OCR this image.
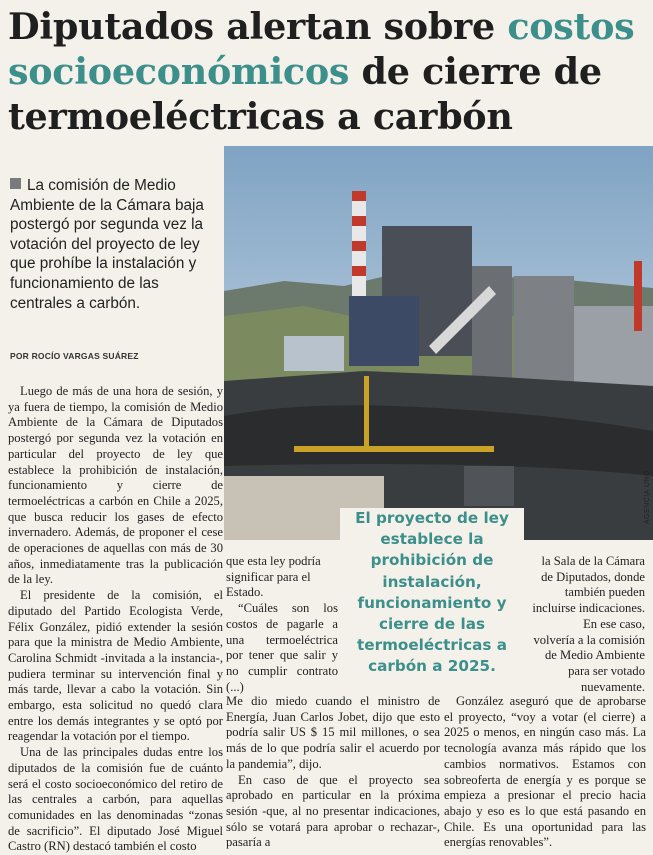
Diputados alertan sobre costos socioeconómicos de cierre de termoeléctricas a carbón
AGENCIA UNO

La comisión de Medio Ambiente de la Cámara baja postergó por segunda vez la votación del proyecto de ley que prohíbe la instalación y funcionamiento de las centrales a carbón.

POR ROCÍO VARGAS SUÁREZ

Luego de más de una hora de sesión, y ya fuera de tiempo, la comisión de Medio Ambiente de la Cámara de Diputados postergó por segunda vez la votación en particular del proyecto de ley que establece la prohibición de instalación, funcionamiento y cierre de termoeléctricas a carbón en Chile a 2025, que busca reducir los gases de efecto invernadero. Además, de proponer el cese de operaciones de aquellas con más de 30 años, inmediatamente tras la publicación de la ley.

El presidente de la comisión, el diputado del Partido Ecologista Verde, Félix González, pidió extender la sesión para que la ministra de Medio Ambiente, Carolina Schmidt -invitada a la instancia-, pudiera terminar su intervención final y más tarde, llevar a cabo la votación. Sin embargo, esta solicitud no quedó clara entre los demás integrantes y se optó por reagendar la votación por el tiempo.

Una de las principales dudas entre los diputados de la comisión fue de cuánto será el costo socioeconómico del retiro de las centrales a carbón, para aquellas comunidades en las denominadas “zonas de sacrificio”. El diputado José Miguel Castro (RN) destacó también el costo

que esta ley podría significar para el Estado.

“Cuáles son los costos de pagarle a una termoeléctrica por tener que salir y no cumplir contrato (...)

Me dio miedo cuando el ministro de Energía, Juan Carlos Jobet, dijo que esto podría salir US $ 15 mil millones, o sea más de lo que podría salir el acuerdo por la pandemia”, dijo.

En caso de que el proyecto sea aprobado en particular en la próxima sesión -que, al no presentar indicaciones, sólo se votará para aprobar o rechazar-, pasaría a

El proyecto de ley establece la prohibición de instalación, funcionamiento y cierre de las termoeléctricas a carbón a 2025.

la Sala de la Cámara de Diputados, donde también pueden incluirse indicaciones.

En ese caso, volvería a la comisión de Medio Ambiente para ser votado nuevamente.

González aseguró que de aprobarse el proyecto, “voy a votar (el cierre) a 2025 o menos, en ningún caso más. La tecnología avanza más rápido que los cambios normativos. Estamos con sobreoferta de energía y es porque se empieza a presionar el precio hacia abajo y eso es lo que está pasando en Chile. Es una oportunidad para las energías renovables”.
